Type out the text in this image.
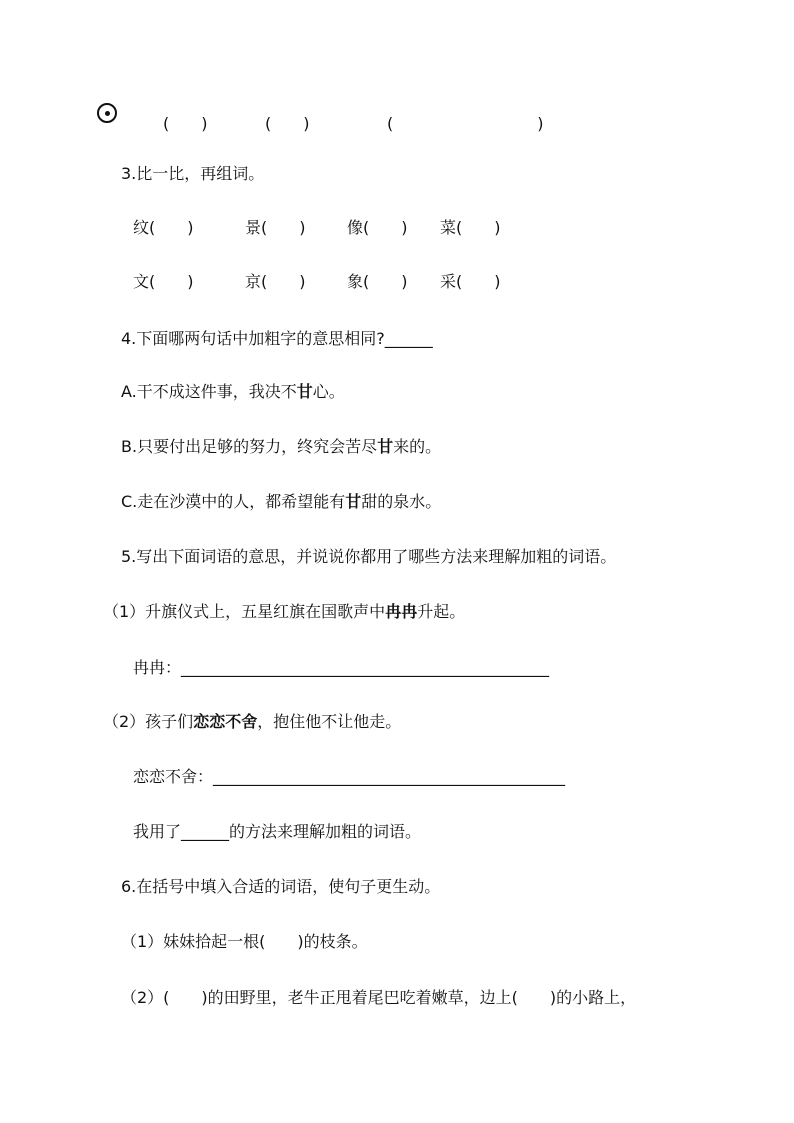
(　　)	(　　)	(　　　　　　　　　)
3.比一比，再组词。
纹(　　)	景(　　)	像(　　) 菜(　　)
文(　　)	京(　　)	象(　　) 采(　　)
4.下面哪两句话中加粗字的意思相同?______
A.干不成这件事，我决不甘心。
B.只要付出足够的努力，终究会苦尽甘来的。
C.走在沙漠中的人，都希望能有甘甜的泉水。
5.写出下面词语的意思，并说说你都用了哪些方法来理解加粗的词语。
（1）升旗仪式上，五星红旗在国歌声中冉冉升起。
冉冉：______________________________________________
（2）孩子们恋恋不舍，抱住他不让他走。
恋恋不舍：____________________________________________
我用了______的方法来理解加粗的词语。
6.在括号中填入合适的词语，使句子更生动。
（1）妹妹拾起一根(　　)的枝条。
（2）(　　)的田野里，老牛正甩着尾巴吃着嫩草，边上(　　)的小路上，
